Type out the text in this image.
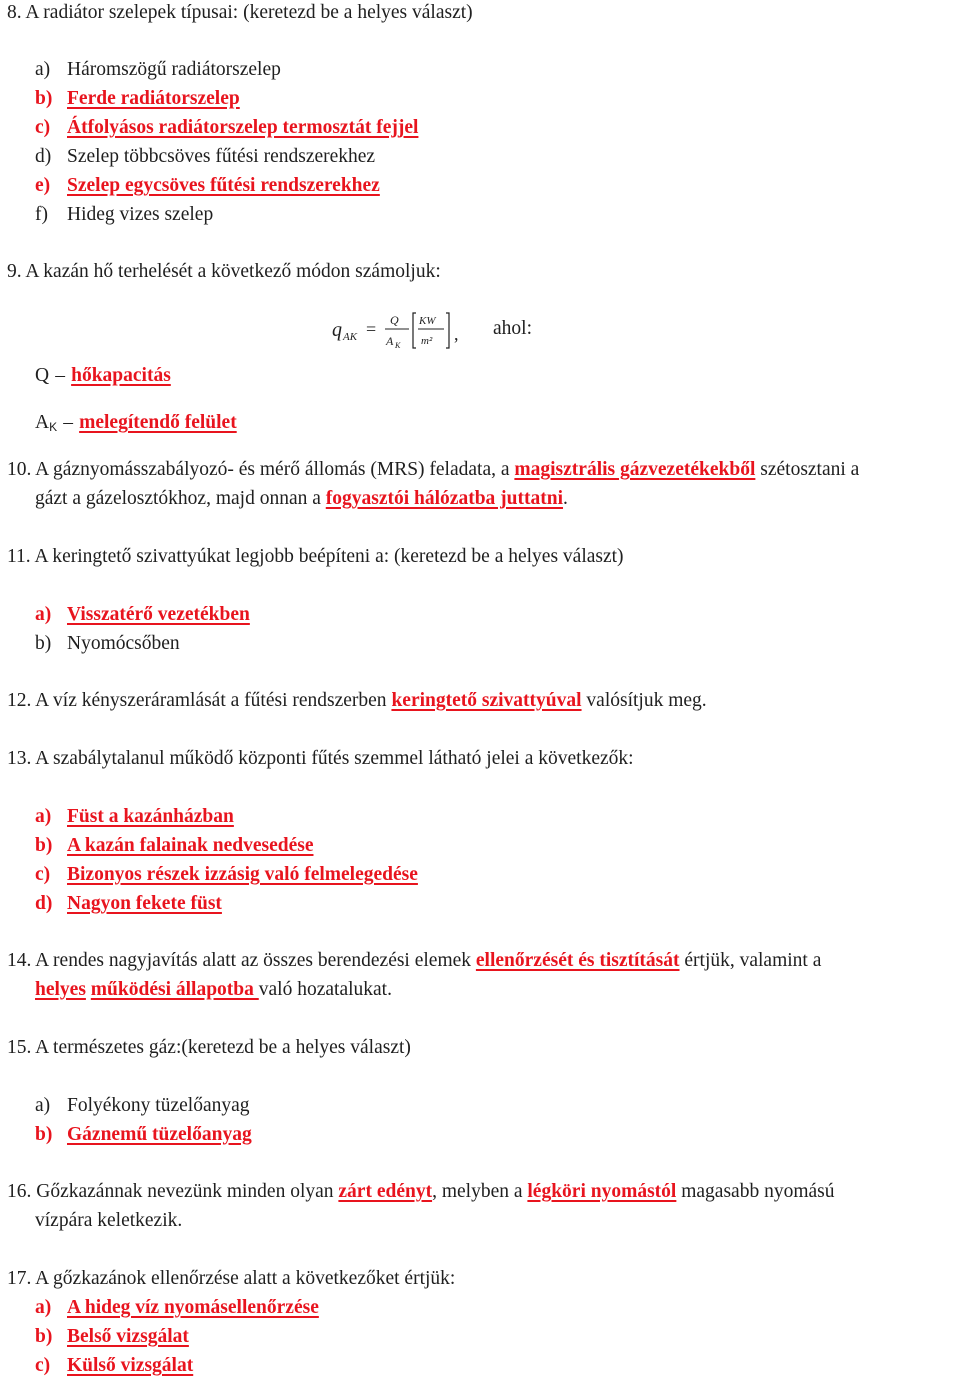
8. A radiátor szelepek típusai: (keretezd be a helyes választ)
a) Háromszögű radiátorszelep
b) Ferde radiátorszelep
c) Átfolyásos radiátorszelep termosztát fejjel
d) Szelep többcsöves fűtési rendszerekhez
e) Szelep egycsöves fűtési rendszerekhez
f) Hideg vizes szelep
9. A kazán hő terhelését a következő módon számoljuk:
q AK = Q
A K
KW
m² , ahol:
Q – hőkapacitás
AK – melegítendő felület
10. A gáznyomásszabályozó- és mérő állomás (MRS) feladata, a magisztrális gázvezetékekből szétosztani a
gázt a gázelosztókhoz, majd onnan a fogyasztói hálózatba juttatni.
11. A keringtető szivattyúkat legjobb beépíteni a: (keretezd be a helyes választ)
a) Visszatérő vezetékben
b) Nyomócsőben
12. A víz kényszeráramlását a fűtési rendszerben keringtető szivattyúval valósítjuk meg.
13. A szabálytalanul működő központi fűtés szemmel látható jelei a következők:
a) Füst a kazánházban
b) A kazán falainak nedvesedése
c) Bizonyos részek izzásig való felmelegedése
d) Nagyon fekete füst
14. A rendes nagyjavítás alatt az összes berendezési elemek ellenőrzését és tisztítását értjük, valamint a
helyes működési állapotba való hozatalukat.
15. A természetes gáz:(keretezd be a helyes választ)
a) Folyékony tüzelőanyag
b) Gáznemű tüzelőanyag
16. Gőzkazánnak nevezünk minden olyan zárt edényt, melyben a légköri nyomástól magasabb nyomású
vízpára keletkezik.
17. A gőzkazánok ellenőrzése alatt a következőket értjük:
a) A hideg víz nyomásellenőrzése
b) Belső vizsgálat
c) Külső vizsgálat
